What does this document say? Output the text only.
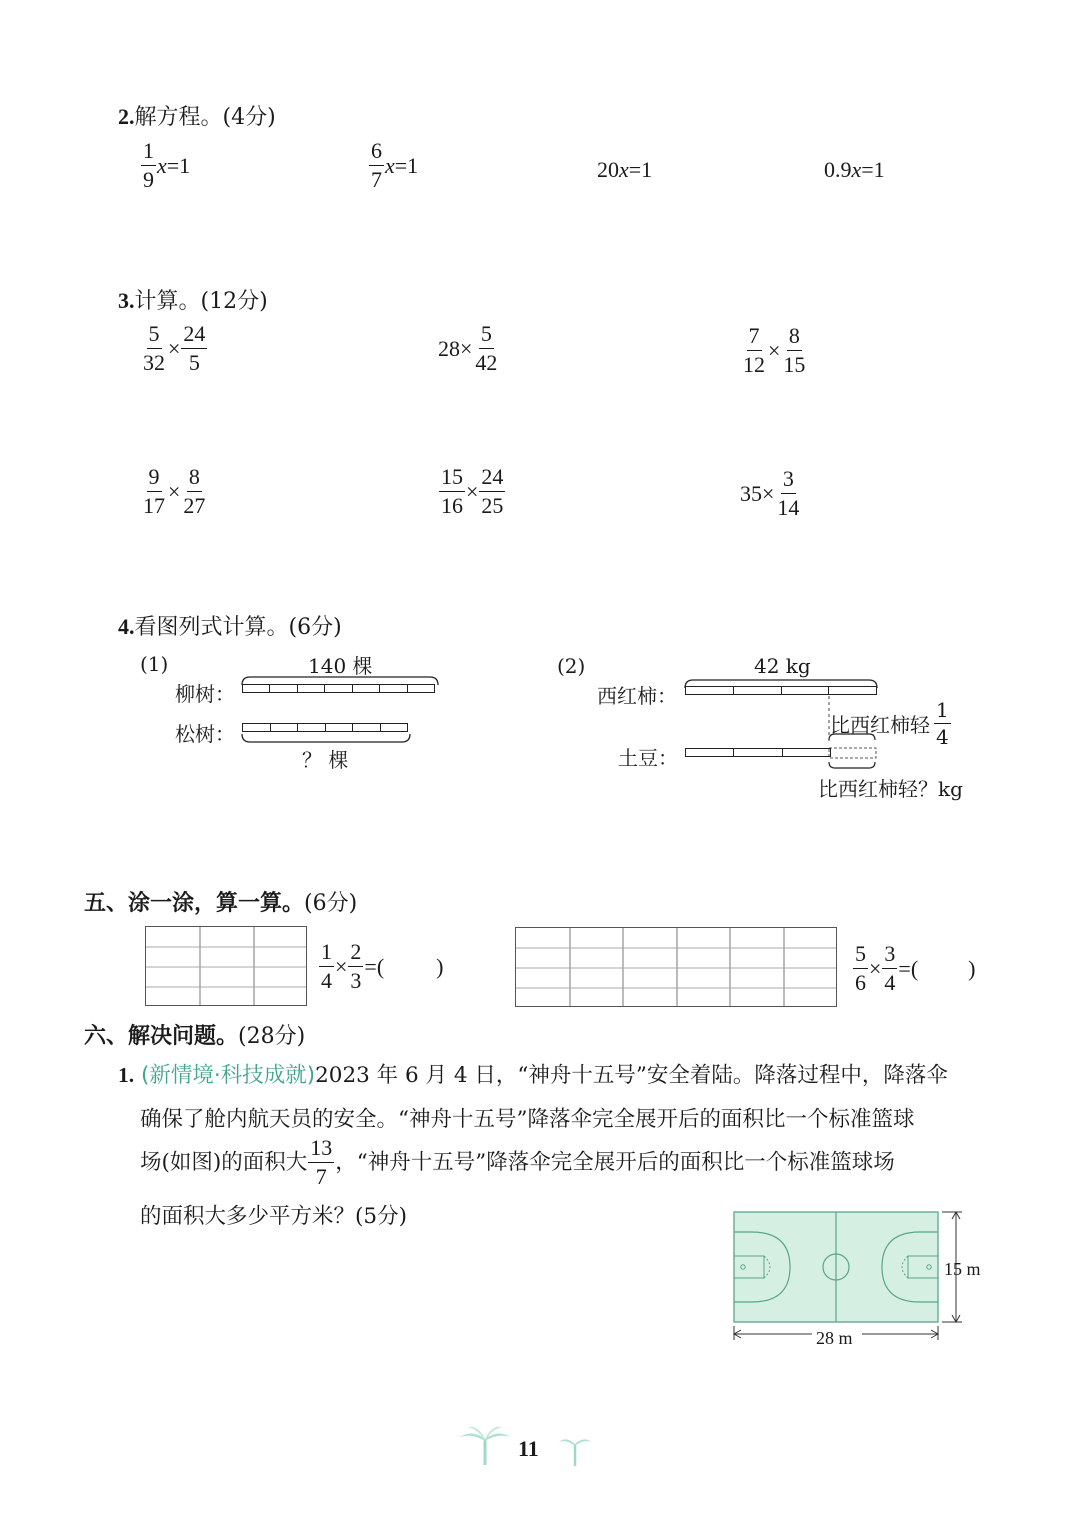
2.解方程。(4分)
$\frac{1}{9}$ x =1	$\frac{6}{7}$ x =1	20 x =1	0.9 x =1
3.计算。(12分)
$\frac{5}{32} \times \frac{24}{5}$	$28 \times \frac{5}{42}$	$\frac{7}{12} \times \frac{8}{15}$
$\frac{9}{17} \times \frac{8}{27}$	$\frac{15}{16} \times \frac{24}{25}$	$35 \times \frac{3}{14}$
4.看图列式计算。(6分)
(1)	140 棵
柳树：
松树：
？ 棵
(2)	42 kg
西红柿：
比西红柿轻 $\frac{1}{4}$
土豆：
比西红柿轻？kg
五、涂一涂，算一算。(6分)
$\frac{1}{4} \times \frac{2}{3}$ =( )	$\frac{5}{6} \times \frac{3}{4}$ =( )
六、解决问题。(28分)
1. (新情境·科技成就)2023 年 6 月 4 日，“神舟十五号”安全着陆。降落过程中，降落伞
确保了舱内航天员的安全。“神舟十五号”降落伞完全展开后的面积比一个标准篮球
场(如图)的面积大 $\frac{13}{7}$ ，“神舟十五号”降落伞完全展开后的面积比一个标准篮球场
的面积大多少平方米？(5分)
28 m
15 m
11
